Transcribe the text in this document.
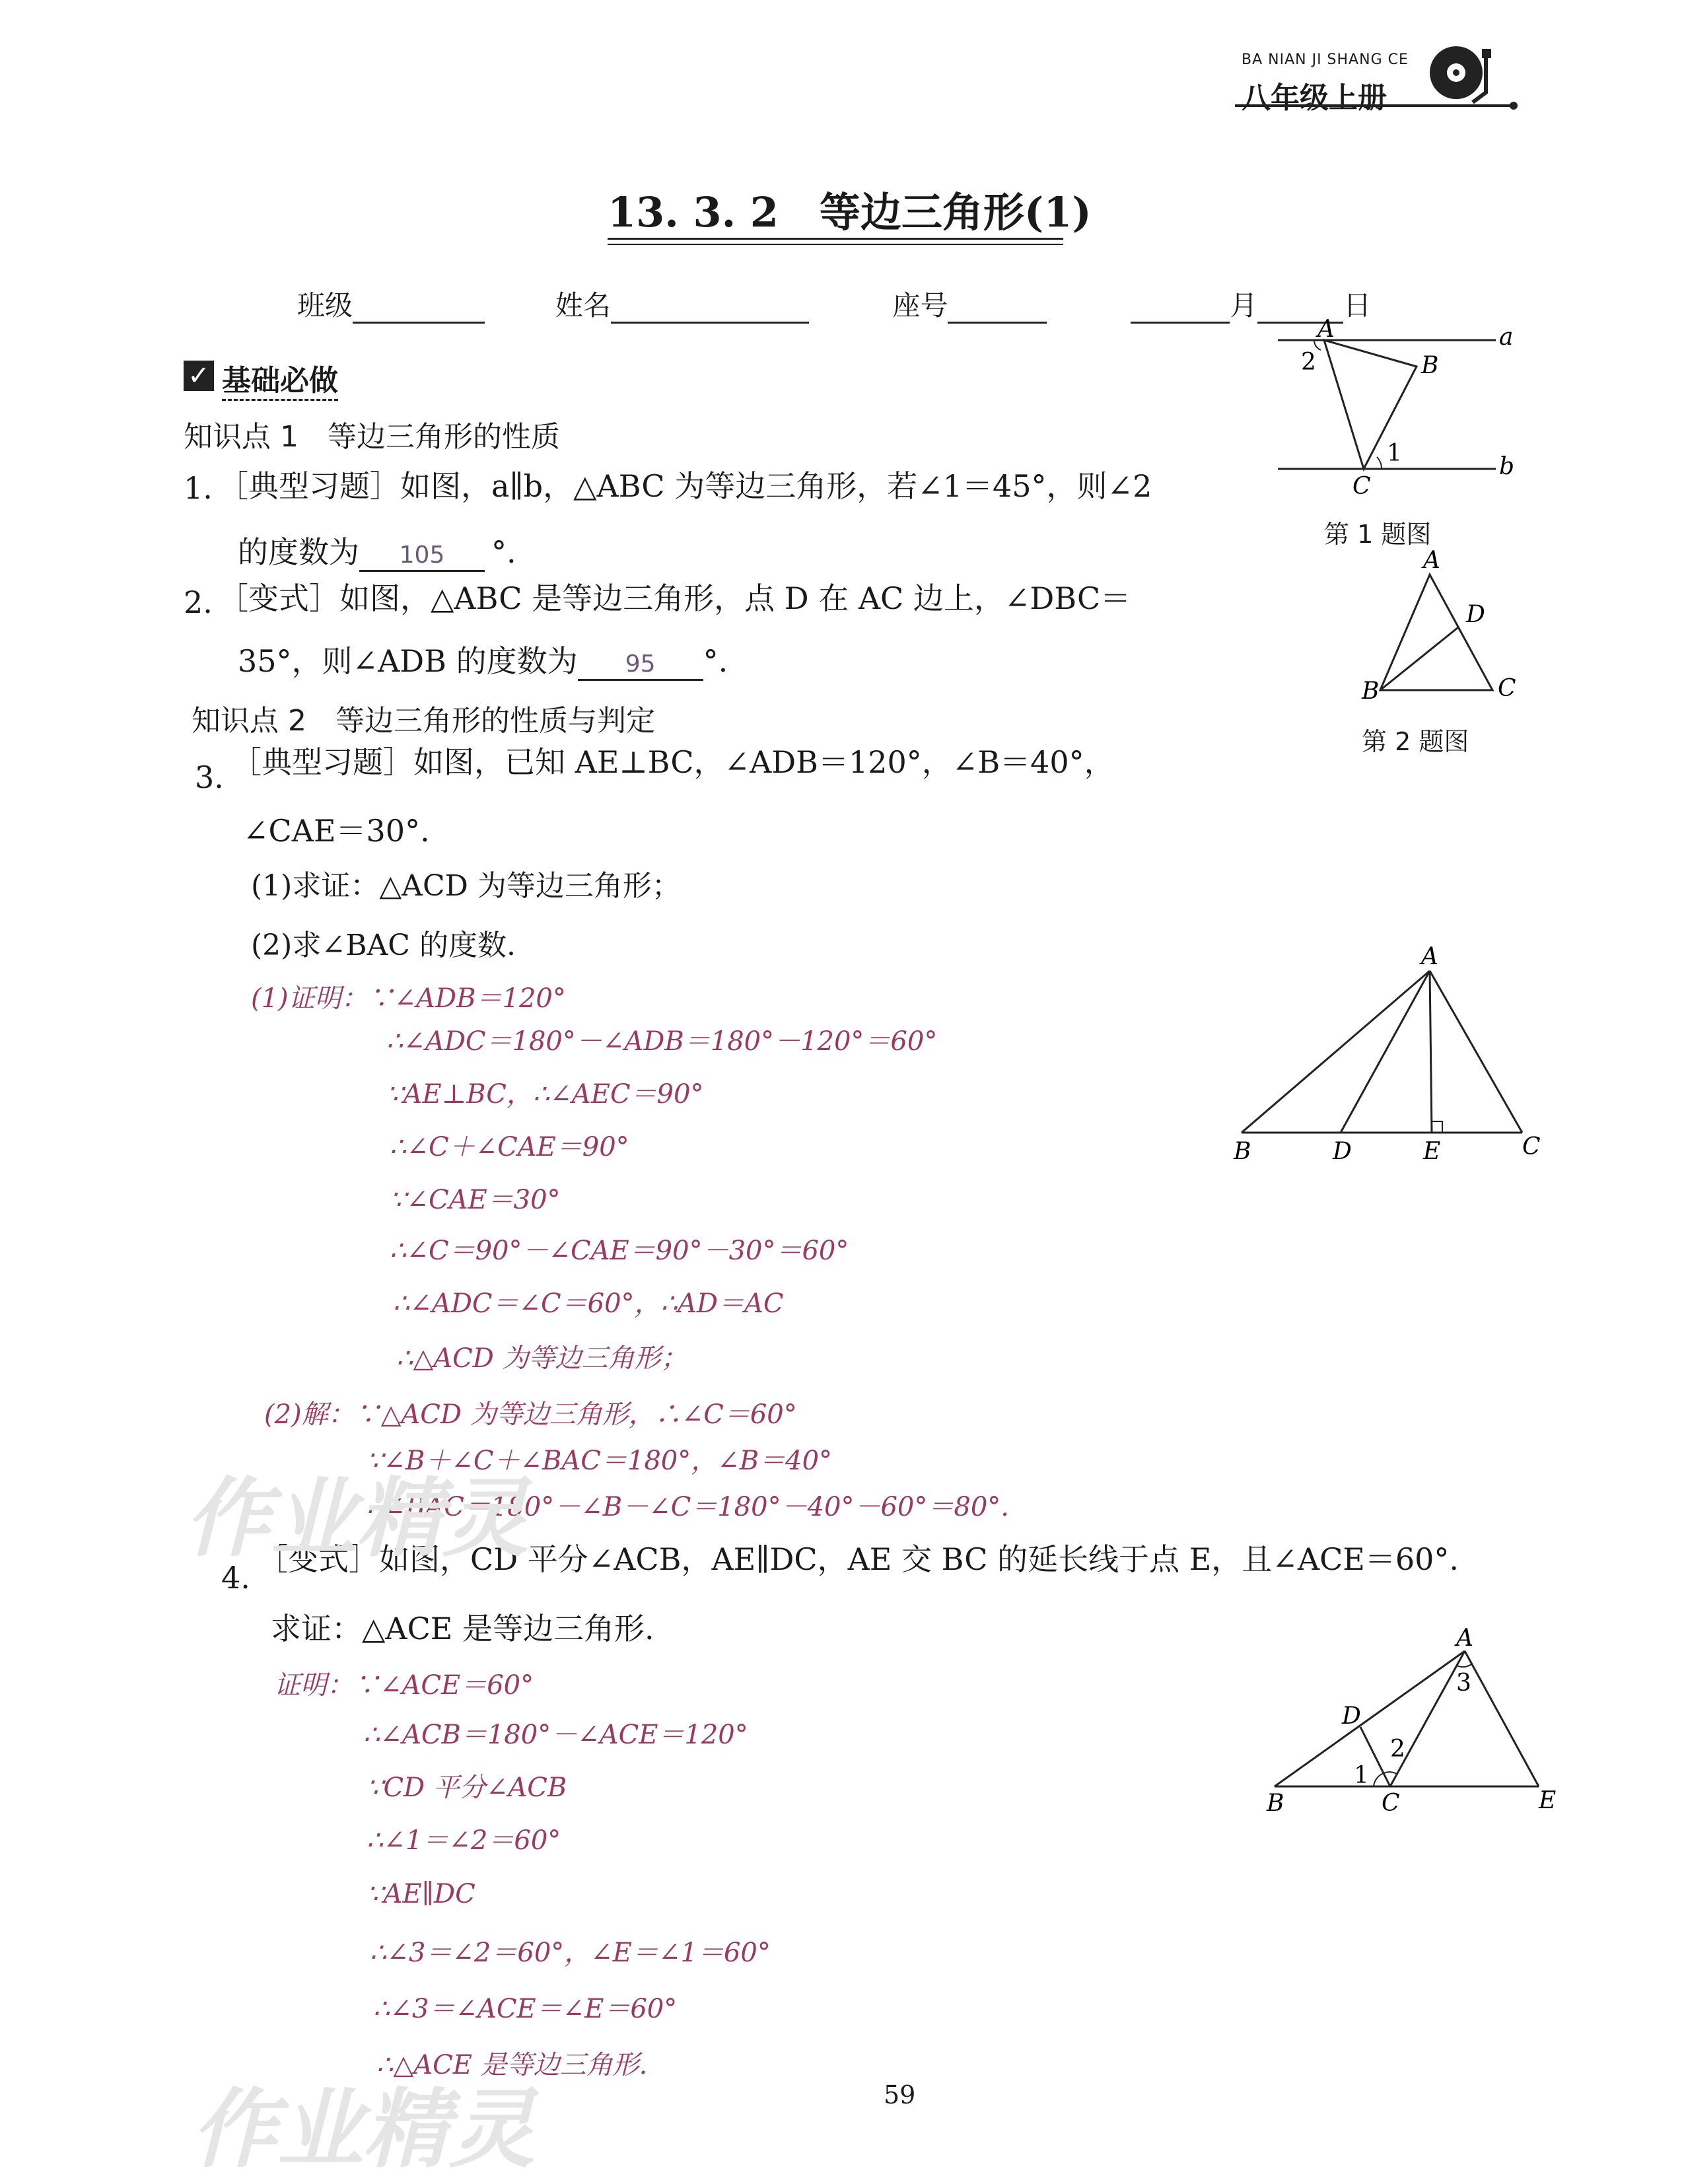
BA NIAN JI SHANG CE
八年级上册
13. 3. 2　等边三角形(1)
班级	姓名	座号	月	日
✓ 基础必做
知识点 1　等边三角形的性质
1. ［典型习题］如图，a∥b，△ABC 为等边三角形，若∠1＝45°，则∠2
的度数为 105 °.
2. ［变式］如图，△ABC 是等边三角形，点 D 在 AC 边上，∠DBC＝
35°，则∠ADB 的度数为 95 °.
知识点 2　等边三角形的性质与判定
3. ［典型习题］如图，已知 AE⊥BC，∠ADB＝120°，∠B＝40°，
∠CAE＝30°.
(1)求证：△ACD 为等边三角形；
(2)求∠BAC 的度数.
(1)证明：∵∠ADB＝120°
∴∠ADC＝180°－∠ADB＝180°－120°＝60°
∵AE⊥BC，∴∠AEC＝90°
∴∠C＋∠CAE＝90°
∵∠CAE＝30°
∴∠C＝90°－∠CAE＝90°－30°＝60°
∴∠ADC＝∠C＝60°，∴AD＝AC
∴△ACD 为等边三角形；
(2)解：∵△ACD 为等边三角形，∴∠C＝60°
∵∠B＋∠C＋∠BAC＝180°，∠B＝40°
∴∠BAC＝180°－∠B－∠C＝180°－40°－60°＝80°.
4.
［变式］如图，CD 平分∠ACB，AE∥DC，AE 交 BC 的延长线于点 E，且∠ACE＝60°.
求证：△ACE 是等边三角形.
证明：∵∠ACE＝60°
∴∠ACB＝180°－∠ACE＝120°
∵CD 平分∠ACB
∴∠1＝∠2＝60°
∵AE∥DC
∴∠3＝∠2＝60°，∠E＝∠1＝60°
∴∠3＝∠ACE＝∠E＝60°
∴△ACE 是等边三角形.
A	a
2	B
1
C
b
第 1 题图
A
D
B	C
第 2 题图
A
B	D	E	C
A
3
D
2
1
B	C	E
作业精灵
作业精灵	59
